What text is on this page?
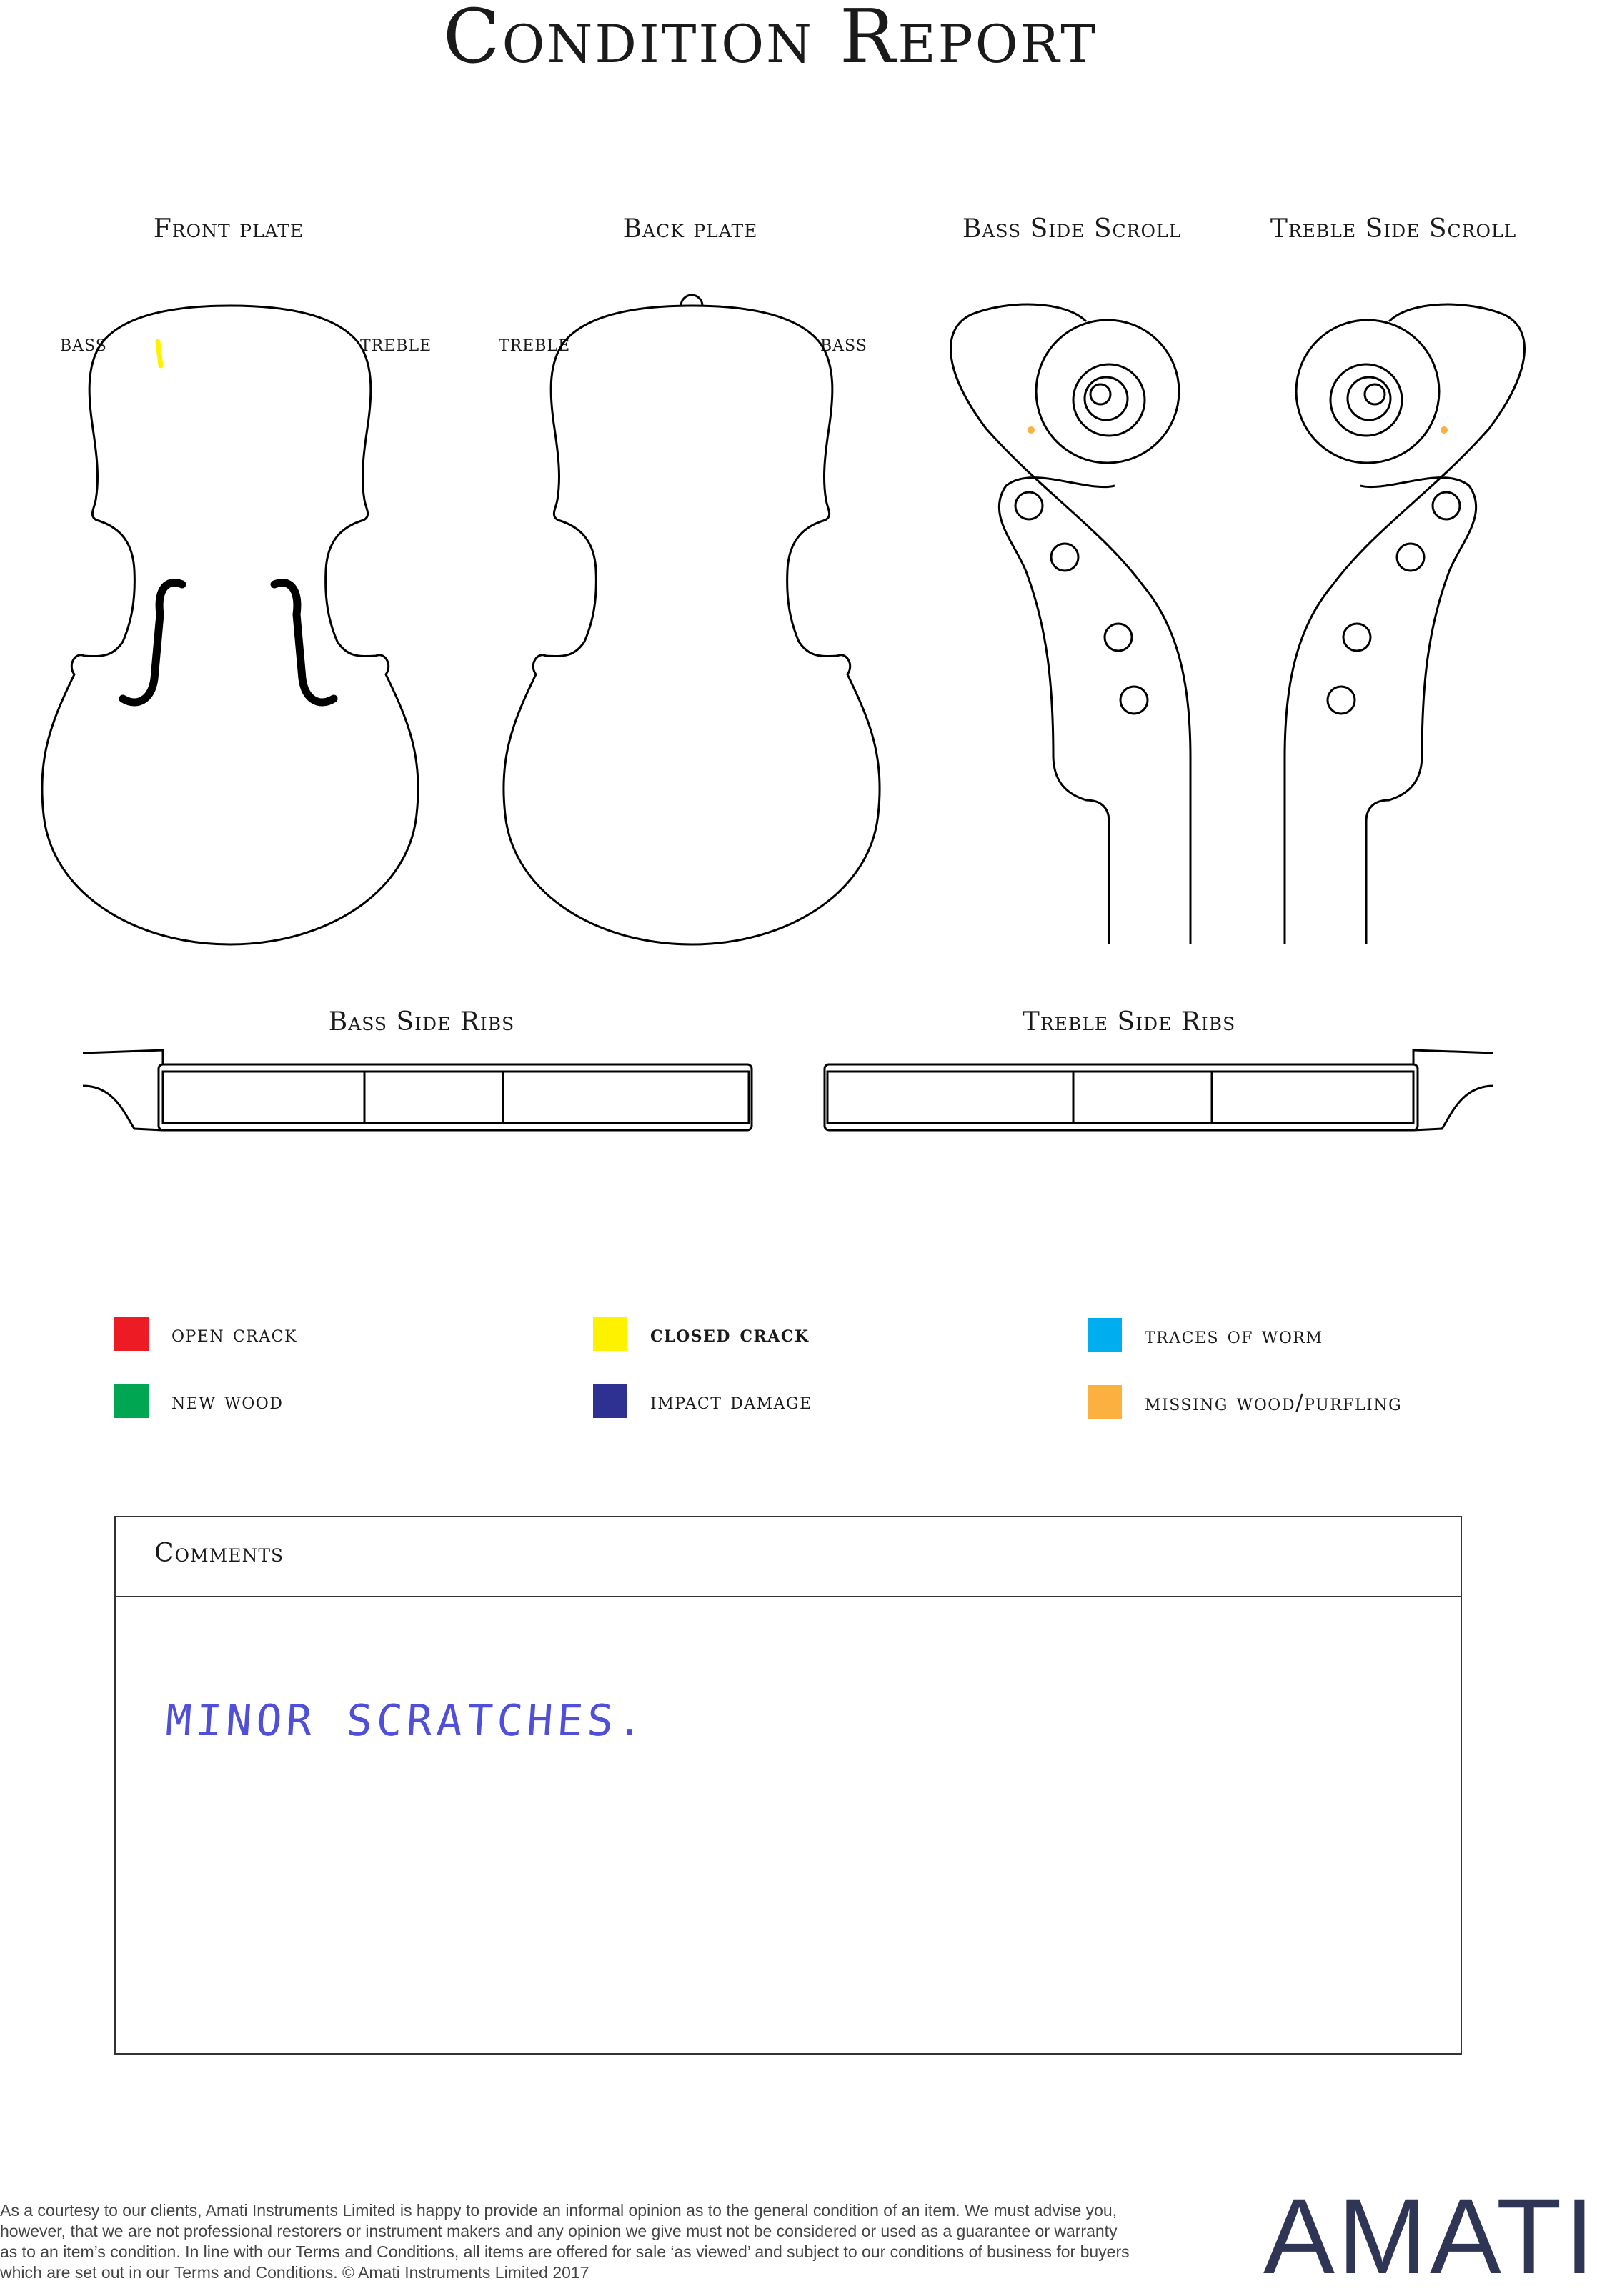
Condition Report
Front plate	Back plate	Bass Side Scroll	Treble Side Scroll
BASS	TREBLE	TREBLE	BASS
Bass Side Ribs	Treble Side Ribs
open crack	closed crack	traces of worm
new wood	impact damage	missing wood/purfling
Comments
MINOR SCRATCHES.
As a courtesy to our clients, Amati Instruments Limited is happy to provide an informal opinion as to the general condition of an item. We must advise you, however, that we are not professional restorers or instrument makers and any opinion we give must not be considered or used as a guarantee or warranty as to an item’s condition. In line with our Terms and Conditions, all items are offered for sale ‘as viewed’ and subject to our conditions of business for buyers which are set out in our Terms and Conditions. © Amati Instruments Limited 2017	AMATI
